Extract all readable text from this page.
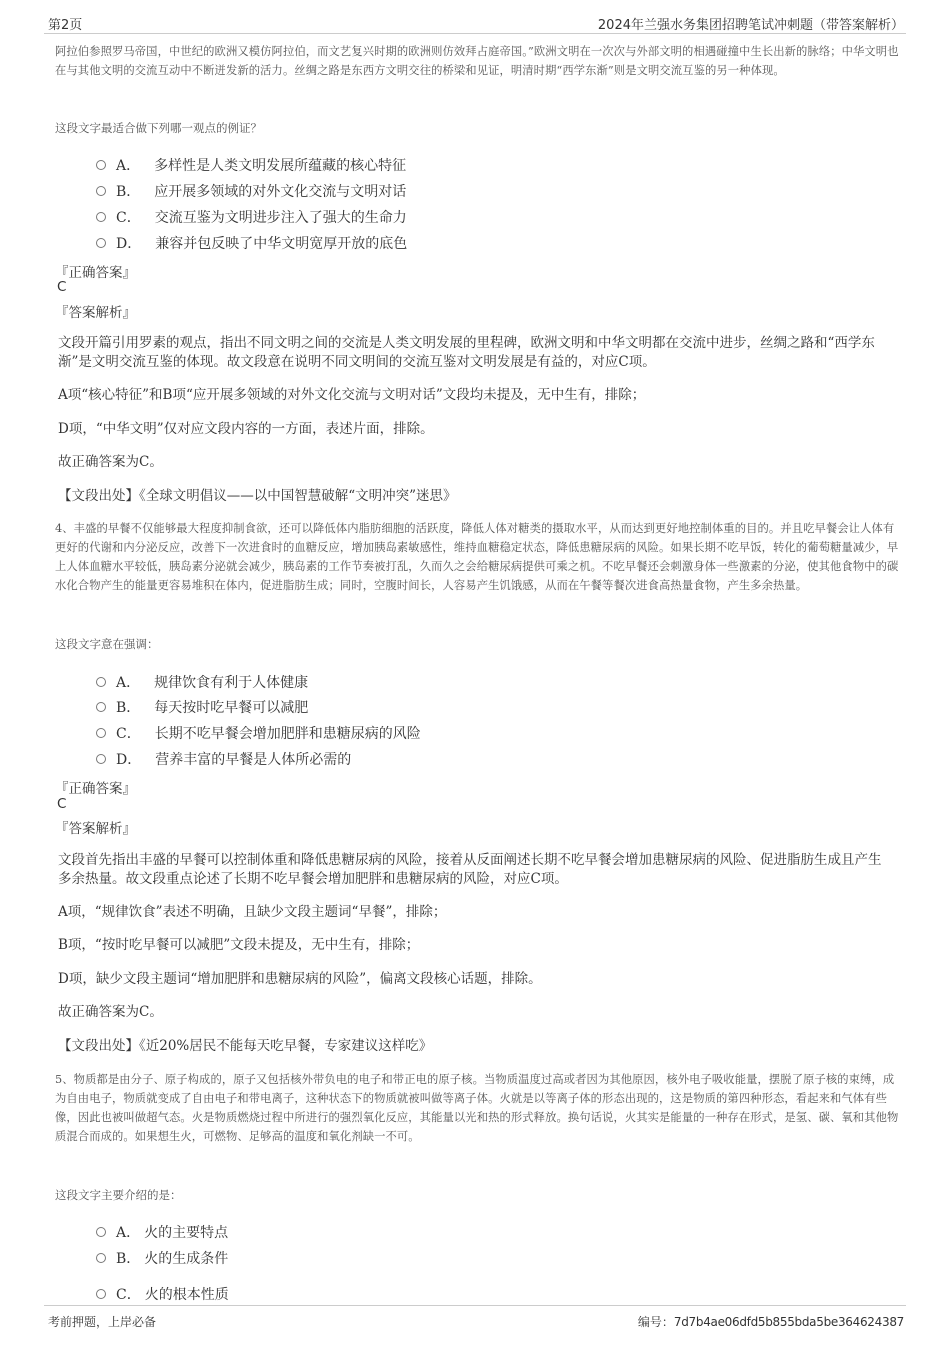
第2页	2024年兰强水务集团招聘笔试冲刺题（带答案解析）
阿拉伯参照罗马帝国，中世纪的欧洲又模仿阿拉伯，而文艺复兴时期的欧洲则仿效拜占庭帝国。”欧洲文明在一次次与外部文明的相遇碰撞中生长出新的脉络；中华文明也在与其他文明的交流互动中不断迸发新的活力。丝绸之路是东西方文明交往的桥梁和见证，明清时期“西学东渐”则是文明交流互鉴的另一种体现。
这段文字最适合做下列哪一观点的例证？
A． 多样性是人类文明发展所蕴藏的核心特征
B． 应开展多领域的对外文化交流与文明对话
C． 交流互鉴为文明进步注入了强大的生命力
D． 兼容并包反映了中华文明宽厚开放的底色
『正确答案』
C
『答案解析』
文段开篇引用罗素的观点，指出不同文明之间的交流是人类文明发展的里程碑，欧洲文明和中华文明都在交流中进步，丝绸之路和“西学东渐”是文明交流互鉴的体现。故文段意在说明不同文明间的交流互鉴对文明发展是有益的，对应C项。
A项“核心特征”和B项“应开展多领域的对外文化交流与文明对话”文段均未提及，无中生有，排除；
D项，“中华文明”仅对应文段内容的一方面，表述片面，排除。
故正确答案为C。
【文段出处】《全球文明倡议——以中国智慧破解“文明冲突”迷思》
4、丰盛的早餐不仅能够最大程度抑制食欲，还可以降低体内脂肪细胞的活跃度，降低人体对糖类的摄取水平，从而达到更好地控制体重的目的。并且吃早餐会让人体有更好的代谢和内分泌反应，改善下一次进食时的血糖反应，增加胰岛素敏感性，维持血糖稳定状态，降低患糖尿病的风险。如果长期不吃早饭，转化的葡萄糖量减少，早上人体血糖水平较低，胰岛素分泌就会减少，胰岛素的工作节奏被打乱，久而久之会给糖尿病提供可乘之机。不吃早餐还会刺激身体一些激素的分泌，使其他食物中的碳水化合物产生的能量更容易堆积在体内，促进脂肪生成；同时，空腹时间长，人容易产生饥饿感，从而在午餐等餐次进食高热量食物，产生多余热量。
这段文字意在强调：
A． 规律饮食有利于人体健康
B． 每天按时吃早餐可以减肥
C． 长期不吃早餐会增加肥胖和患糖尿病的风险
D． 营养丰富的早餐是人体所必需的
『正确答案』
C
『答案解析』
文段首先指出丰盛的早餐可以控制体重和降低患糖尿病的风险，接着从反面阐述长期不吃早餐会增加患糖尿病的风险、促进脂肪生成且产生多余热量。故文段重点论述了长期不吃早餐会增加肥胖和患糖尿病的风险，对应C项。
A项，“规律饮食”表述不明确，且缺少文段主题词“早餐”，排除；
B项，“按时吃早餐可以减肥”文段未提及，无中生有，排除；
D项，缺少文段主题词“增加肥胖和患糖尿病的风险”，偏离文段核心话题，排除。
故正确答案为C。
【文段出处】《近20%居民不能每天吃早餐，专家建议这样吃》
5、物质都是由分子、原子构成的，原子又包括核外带负电的电子和带正电的原子核。当物质温度过高或者因为其他原因，核外电子吸收能量，摆脱了原子核的束缚，成为自由电子，物质就变成了自由电子和带电离子，这种状态下的物质就被叫做等离子体。火就是以等离子体的形态出现的，这是物质的第四种形态，看起来和气体有些像，因此也被叫做超气态。火是物质燃烧过程中所进行的强烈氧化反应，其能量以光和热的形式释放。换句话说，火其实是能量的一种存在形式，是氢、碳、氧和其他物质混合而成的。如果想生火，可燃物、足够高的温度和氧化剂缺一不可。
这段文字主要介绍的是：
A． 火的主要特点
B． 火的生成条件
C． 火的根本性质
考前押题，上岸必备	编号：7d7b4ae06dfd5b855bda5be364624387
